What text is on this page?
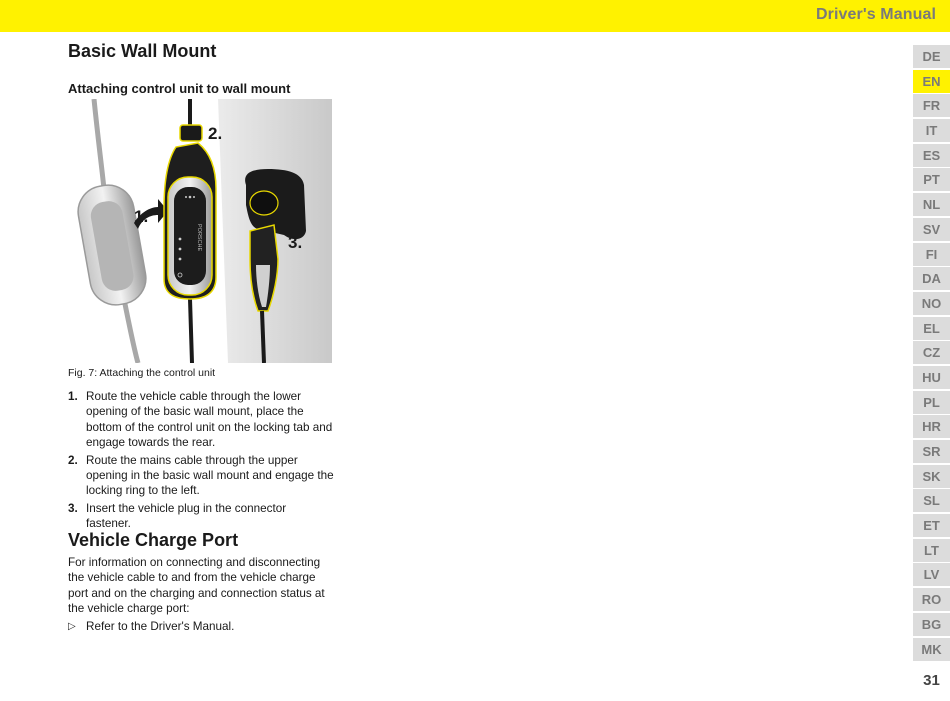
Driver's Manual
Basic Wall Mount

Attaching control unit to wall mount

PORSCHE
1.
2.
3.
Fig. 7: Attaching the control unit
1. Route the vehicle cable through the lower opening of the basic wall mount, place the bottom of the control unit on the locking tab and engage towards the rear.
2. Route the mains cable through the upper opening in the basic wall mount and engage the locking ring to the left.
3. Insert the vehicle plug in the connector fastener.
Vehicle Charge Port

For information on connecting and disconnecting the vehicle cable to and from the vehicle charge port and on the charging and connection status at the vehicle charge port:

▷ Refer to the Driver's Manual.
DE
EN
FR
IT
ES
PT
NL
SV
FI
DA
NO
EL
CZ
HU
PL
HR
SR
SK
SL
ET
LT
LV
RO
BG
MK
31
